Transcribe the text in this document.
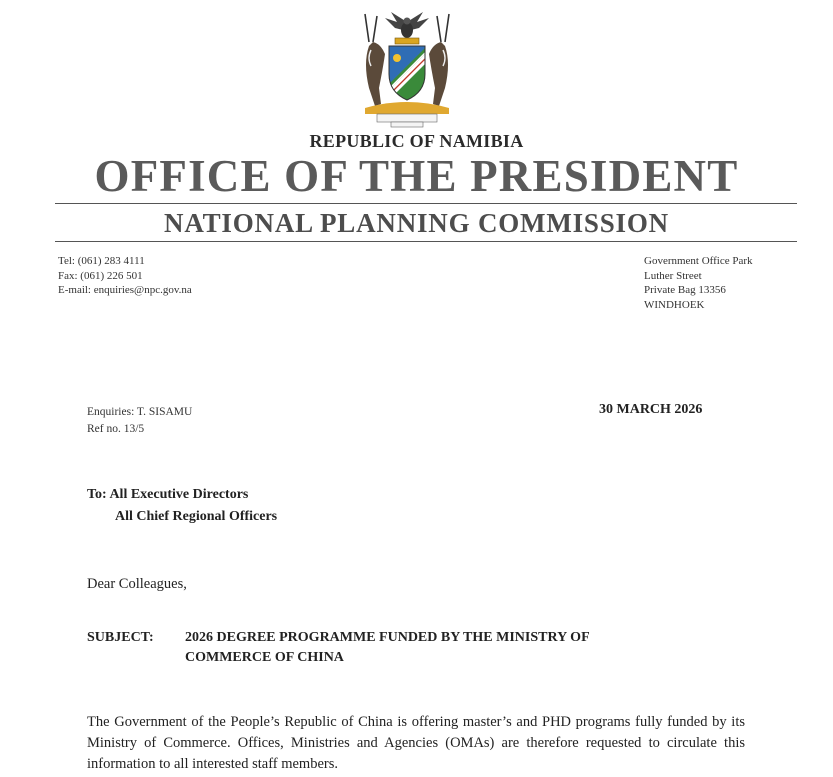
REPUBLIC OF NAMIBIA
OFFICE OF THE PRESIDENT
NATIONAL PLANNING COMMISSION
Tel: (061) 283 4111
Fax: (061) 226 501
E-mail: enquiries@npc.gov.na
Government Office Park
Luther Street
Private Bag 13356
WINDHOEK
Enquiries: T. SISAMU
Ref no. 13/5
30 MARCH 2026
To: All Executive Directors
All Chief Regional Officers
Dear Colleagues,
SUBJECT: 2026 DEGREE PROGRAMME FUNDED BY THE MINISTRY OF
COMMERCE OF CHINA
The Government of the People’s Republic of China is offering master’s and PHD programs fully funded by its Ministry of Commerce. Offices, Ministries and Agencies (OMAs) are therefore requested to circulate this information to all interested staff members.
